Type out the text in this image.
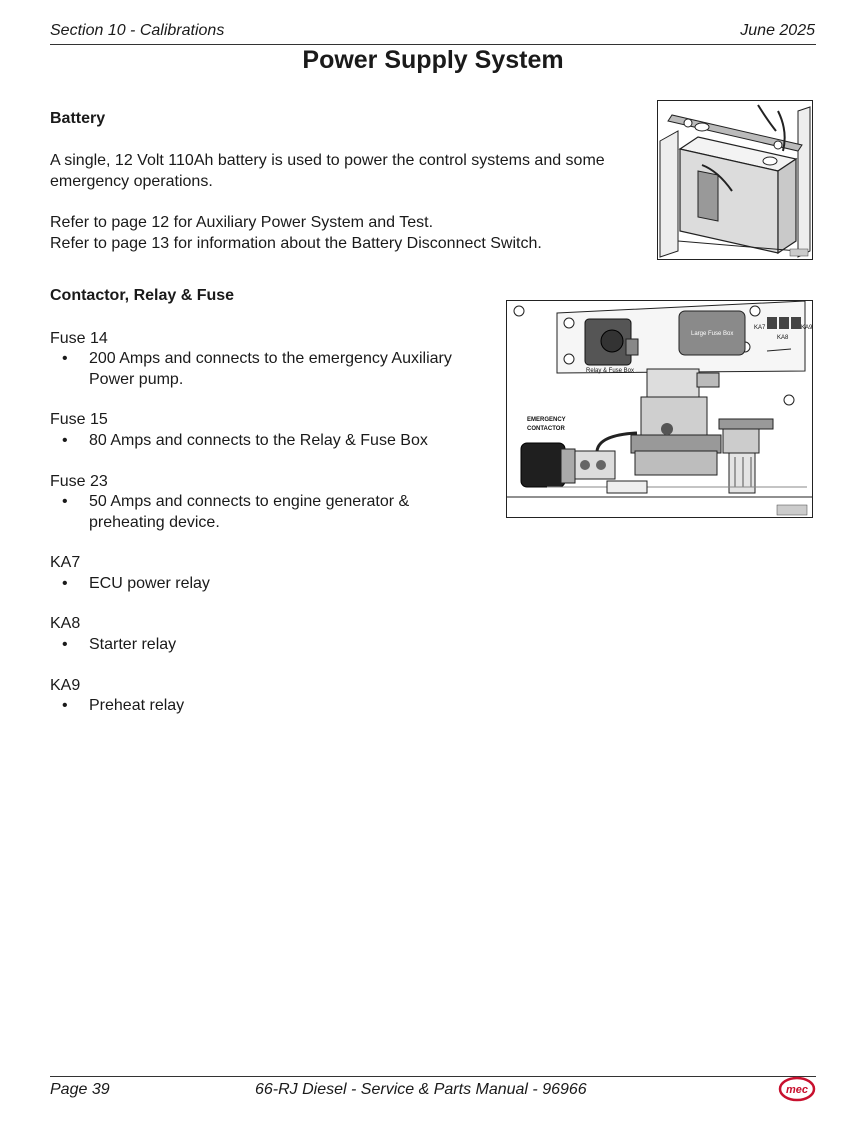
Section 10 - Calibrations	June 2025
Power Supply System
Battery
A single, 12 Volt 110Ah battery is used to power the control systems and some
emergency operations.
Refer to page 12 for Auxiliary Power System and Test.
Refer to page 13 for information about the Battery Disconnect Switch.
Contactor, Relay & Fuse
Fuse 14
• 200 Amps and connects to the emergency Auxiliary
Power pump.
Fuse 15
• 80 Amps and connects to the Relay & Fuse Box
Fuse 23
• 50 Amps and connects to engine generator &
preheating device.
KA7
• ECU power relay
KA8
• Starter relay
KA9
• Preheat relay
Relay & Fuse Box
Large Fuse Box
KA7
KA8
KA9
EMERGENCY
CONTACTOR
Page 39	66-RJ Diesel - Service & Parts Manual - 96966	mec
